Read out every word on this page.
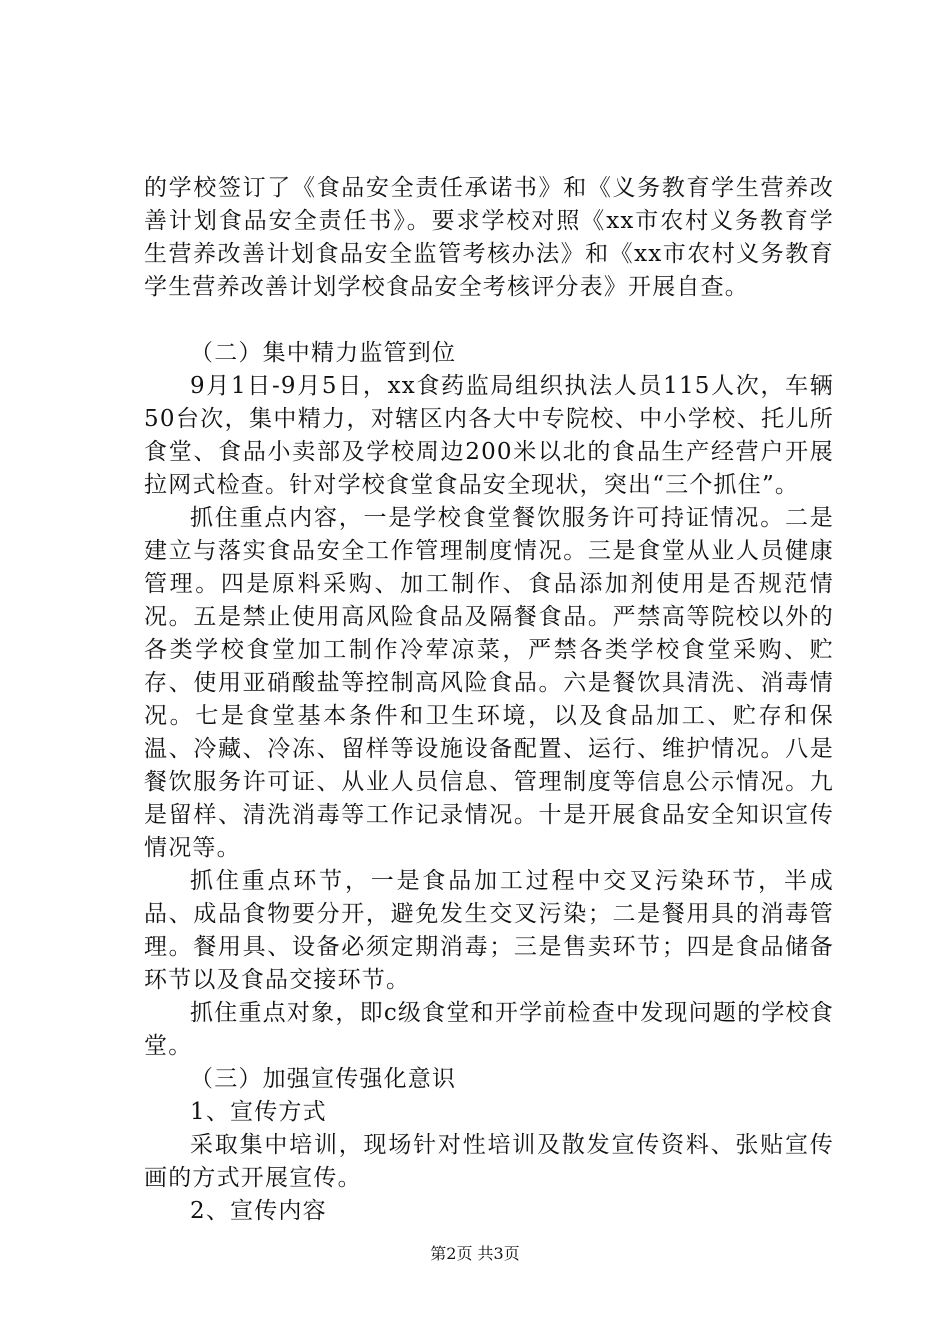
的学校签订了《食品安全责任承诺书》和《义务教育学生营养改善计划食品安全责任书》。要求学校对照《xx市农村义务教育学生营养改善计划食品安全监管考核办法》和《xx市农村义务教育学生营养改善计划学校食品安全考核评分表》开展自查。

（二）集中精力监管到位

9月1日-9月5日，xx食药监局组织执法人员115人次，车辆50台次，集中精力，对辖区内各大中专院校、中小学校、托儿所食堂、食品小卖部及学校周边200米以北的食品生产经营户开展拉网式检查。针对学校食堂食品安全现状，突出“三个抓住”。

抓住重点内容，一是学校食堂餐饮服务许可持证情况。二是建立与落实食品安全工作管理制度情况。三是食堂从业人员健康管理。四是原料采购、加工制作、食品添加剂使用是否规范情况。五是禁止使用高风险食品及隔餐食品。严禁高等院校以外的各类学校食堂加工制作冷荤凉菜，严禁各类学校食堂采购、贮存、使用亚硝酸盐等控制高风险食品。六是餐饮具清洗、消毒情况。七是食堂基本条件和卫生环境，以及食品加工、贮存和保温、冷藏、冷冻、留样等设施设备配置、运行、维护情况。八是餐饮服务许可证、从业人员信息、管理制度等信息公示情况。九是留样、清洗消毒等工作记录情况。十是开展食品安全知识宣传情况等。

抓住重点环节，一是食品加工过程中交叉污染环节，半成品、成品食物要分开，避免发生交叉污染；二是餐用具的消毒管理。餐用具、设备必须定期消毒；三是售卖环节；四是食品储备环节以及食品交接环节。

抓住重点对象，即c级食堂和开学前检查中发现问题的学校食堂。

（三）加强宣传强化意识

1、宣传方式

采取集中培训，现场针对性培训及散发宣传资料、张贴宣传画的方式开展宣传。

2、宣传内容

第2页 共3页
